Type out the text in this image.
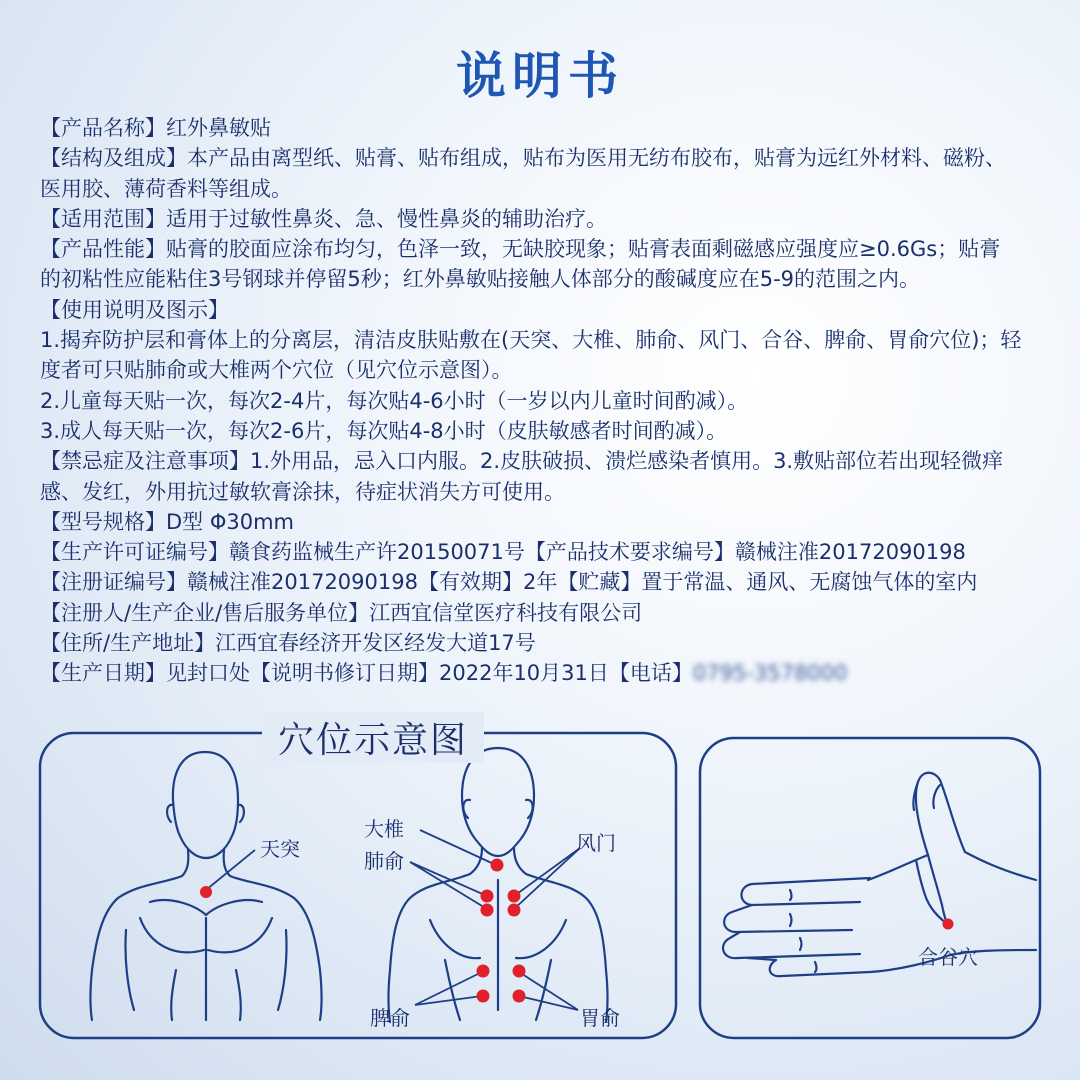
说明书
【产品名称】红外鼻敏贴
【结构及组成】本产品由离型纸、贴膏、贴布组成，贴布为医用无纺布胶布，贴膏为远红外材料、磁粉、
医用胶、薄荷香料等组成。
【适用范围】适用于过敏性鼻炎、急、慢性鼻炎的辅助治疗。
【产品性能】贴膏的胶面应涂布均匀，色泽一致，无缺胶现象；贴膏表面剩磁感应强度应≥0.6Gs；贴膏
的初粘性应能粘住3号钢球并停留5秒；红外鼻敏贴接触人体部分的酸碱度应在5-9的范围之内。
【使用说明及图示】
1.揭弃防护层和膏体上的分离层，清洁皮肤贴敷在(天突、大椎、肺俞、风门、合谷、脾俞、胃俞穴位)；轻
度者可只贴肺俞或大椎两个穴位（见穴位示意图）。
2.儿童每天贴一次，每次2-4片，每次贴4-6小时（一岁以内儿童时间酌减）。
3.成人每天贴一次，每次2-6片，每次贴4-8小时（皮肤敏感者时间酌减）。
【禁忌症及注意事项】1.外用品，忌入口内服。2.皮肤破损、溃烂感染者慎用。3.敷贴部位若出现轻微痒
感、发红，外用抗过敏软膏涂抹，待症状消失方可使用。
【型号规格】D型 Φ30mm
【生产许可证编号】赣食药监械生产许20150071号【产品技术要求编号】赣械注准20172090198
【注册证编号】赣械注准20172090198【有效期】2年【贮藏】置于常温、通风、无腐蚀气体的室内
【注册人/生产企业/售后服务单位】江西宜信堂医疗科技有限公司
【住所/生产地址】江西宜春经济开发区经发大道17号
【生产日期】见封口处【说明书修订日期】2022年10月31日【电话】0795-3578000
天突
大椎
肺俞
风门
脾俞	胃俞
合谷穴
穴位示意图
